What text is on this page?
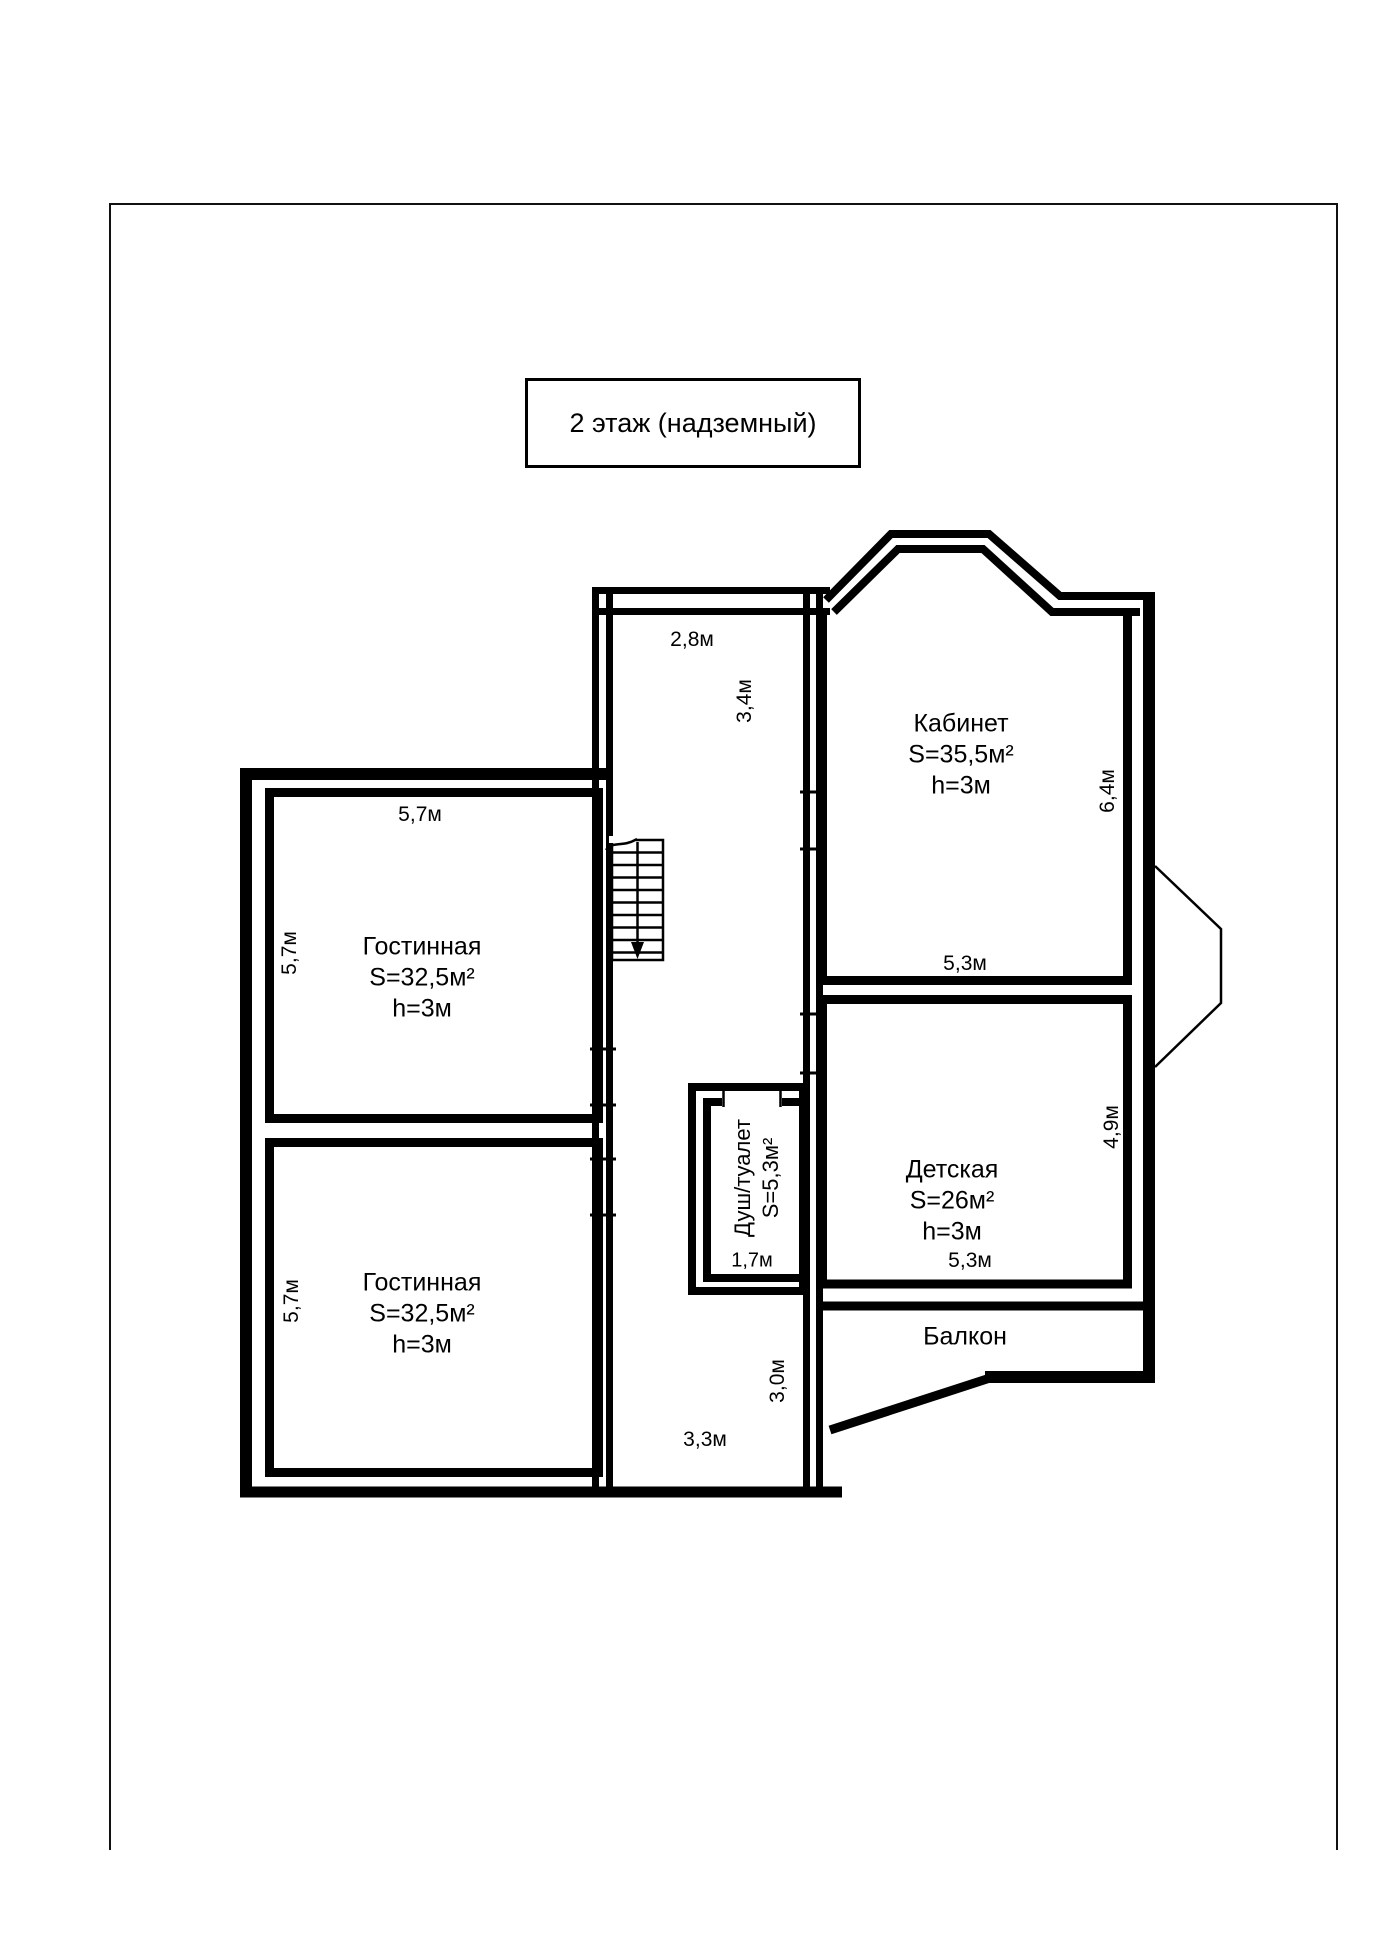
2 этаж (надземный)
Гостинная
S=32,5м²
h=3м
5,7м
5,7м
Гостинная
S=32,5м²
h=3м
5,7м
2,8м
3,4м
3,3м
3,0м
Кабинет
S=35,5м²
h=3м
5,3м
6,4м
Детская
S=26м²
h=3м
5,3м
4,9м
Душ/туалет S=5,3м²
1,7м
Балкон
